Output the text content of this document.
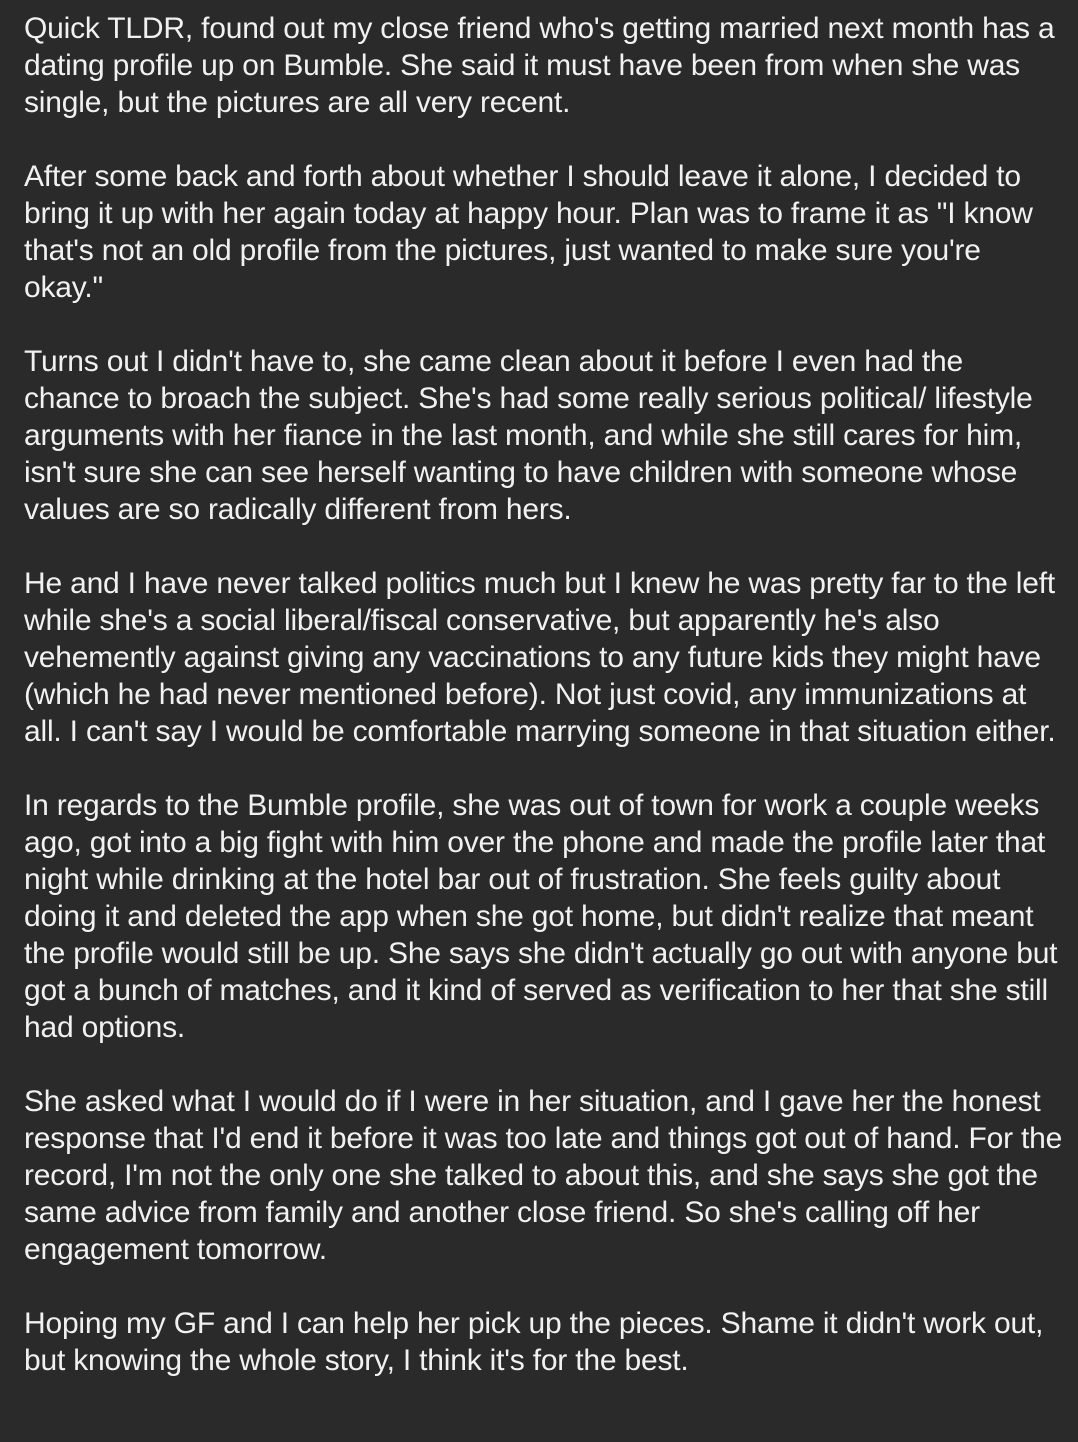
Quick TLDR, found out my close friend who's getting married next month has a dating profile up on Bumble. She said it must have been from when she was single, but the pictures are all very recent.

After some back and forth about whether I should leave it alone, I decided to bring it up with her again today at happy hour. Plan was to frame it as "I know that's not an old profile from the pictures, just wanted to make sure you're okay."

Turns out I didn't have to, she came clean about it before I even had the chance to broach the subject. She's had some really serious political/ lifestyle arguments with her fiance in the last month, and while she still cares for him, isn't sure she can see herself wanting to have children with someone whose values are so radically different from hers.

He and I have never talked politics much but I knew he was pretty far to the left while she's a social liberal/fiscal conservative, but apparently he's also vehemently against giving any vaccinations to any future kids they might have (which he had never mentioned before). Not just covid, any immunizations at all. I can't say I would be comfortable marrying someone in that situation either.

In regards to the Bumble profile, she was out of town for work a couple weeks ago, got into a big fight with him over the phone and made the profile later that night while drinking at the hotel bar out of frustration. She feels guilty about doing it and deleted the app when she got home, but didn't realize that meant the profile would still be up. She says she didn't actually go out with anyone but got a bunch of matches, and it kind of served as verification to her that she still had options.

She asked what I would do if I were in her situation, and I gave her the honest response that I'd end it before it was too late and things got out of hand. For the record, I'm not the only one she talked to about this, and she says she got the same advice from family and another close friend. So she's calling off her engagement tomorrow.

Hoping my GF and I can help her pick up the pieces. Shame it didn't work out, but knowing the whole story, I think it's for the best.
